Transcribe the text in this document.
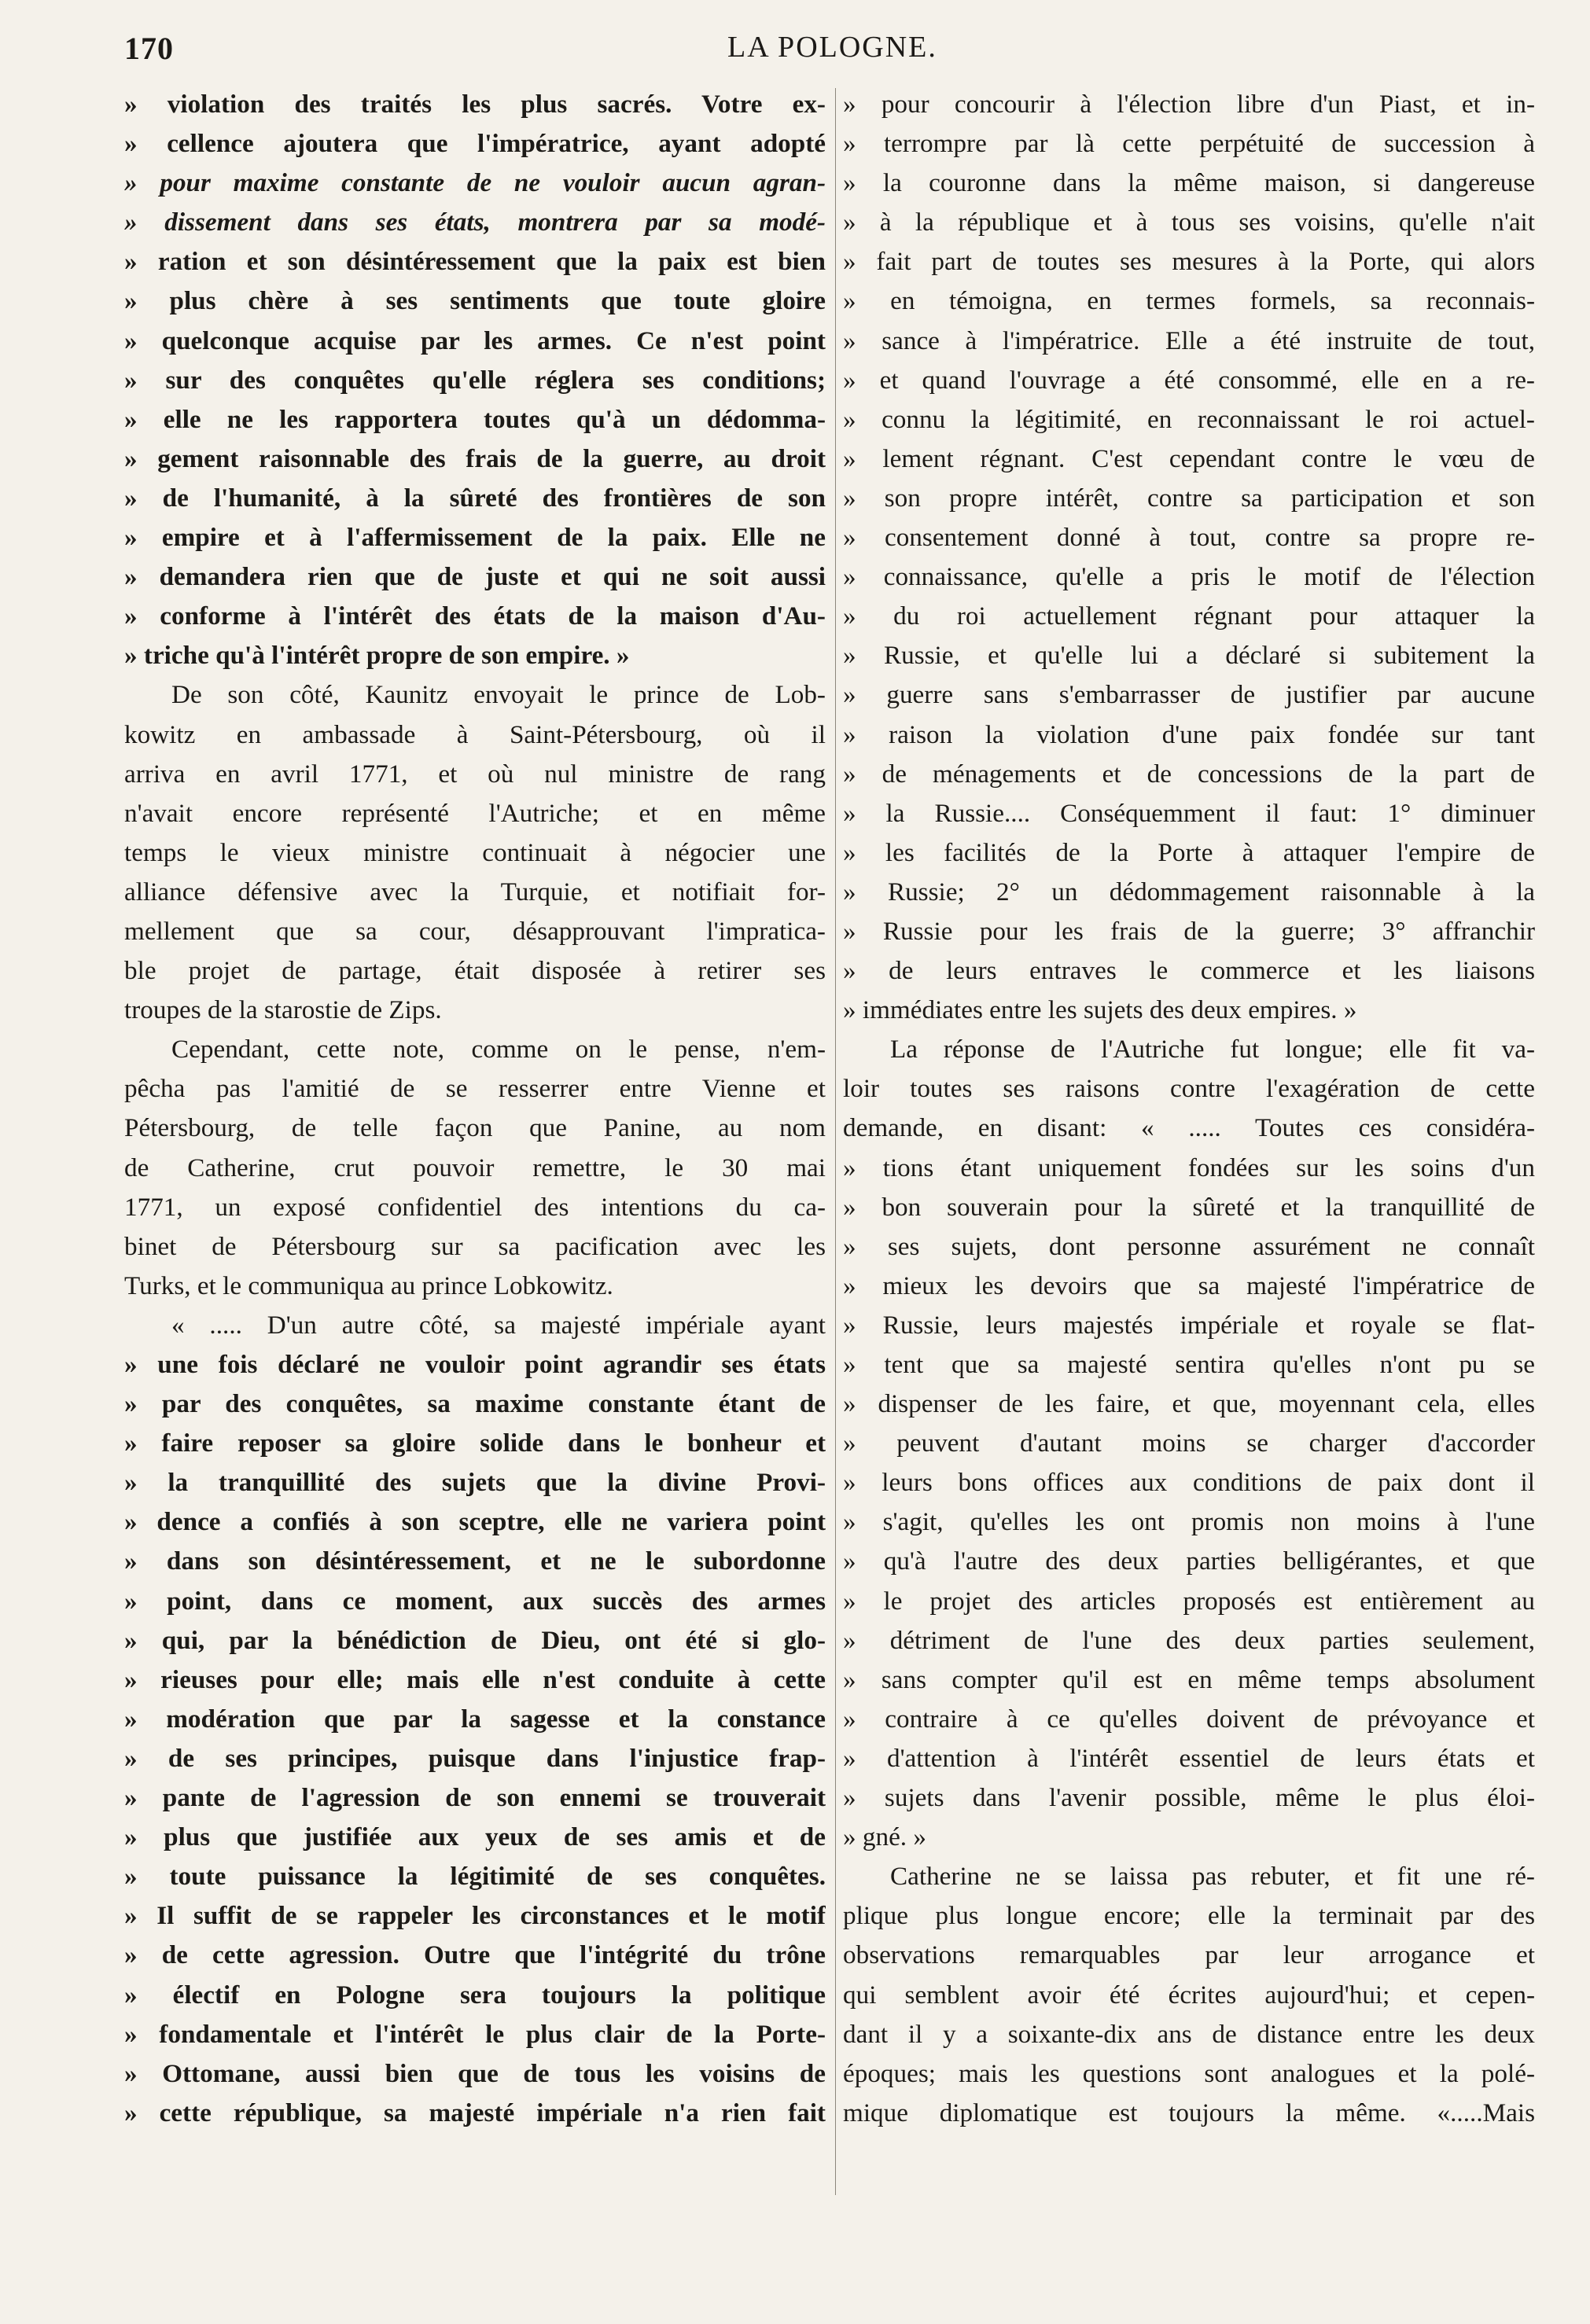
170	LA POLOGNE.
» violation des traités les plus sacrés. Votre ex-
» cellence ajoutera que l'impératrice, ayant adopté
» pour maxime constante de ne vouloir aucun agran-
» dissement dans ses états, montrera par sa modé-
» ration et son désintéressement que la paix est bien
» plus chère à ses sentiments que toute gloire
» quelconque acquise par les armes. Ce n'est point
» sur des conquêtes qu'elle réglera ses conditions;
» elle ne les rapportera toutes qu'à un dédomma-
» gement raisonnable des frais de la guerre, au droit
» de l'humanité, à la sûreté des frontières de son
» empire et à l'affermissement de la paix. Elle ne
» demandera rien que de juste et qui ne soit aussi
» conforme à l'intérêt des états de la maison d'Au-
» triche qu'à l'intérêt propre de son empire. »
De son côté, Kaunitz envoyait le prince de Lob-
kowitz en ambassade à Saint-Pétersbourg, où il
arriva en avril 1771, et où nul ministre de rang
n'avait encore représenté l'Autriche; et en même
temps le vieux ministre continuait à négocier une
alliance défensive avec la Turquie, et notifiait for-
mellement que sa cour, désapprouvant l'impratica-
ble projet de partage, était disposée à retirer ses
troupes de la starostie de Zips.
Cependant, cette note, comme on le pense, n'em-
pêcha pas l'amitié de se resserrer entre Vienne et
Pétersbourg, de telle façon que Panine, au nom
de Catherine, crut pouvoir remettre, le 30 mai
1771, un exposé confidentiel des intentions du ca-
binet de Pétersbourg sur sa pacification avec les
Turks, et le communiqua au prince Lobkowitz.
« ..... D'un autre côté, sa majesté impériale ayant
» une fois déclaré ne vouloir point agrandir ses états
» par des conquêtes, sa maxime constante étant de
» faire reposer sa gloire solide dans le bonheur et
» la tranquillité des sujets que la divine Provi-
» dence a confiés à son sceptre, elle ne variera point
» dans son désintéressement, et ne le subordonne
» point, dans ce moment, aux succès des armes
» qui, par la bénédiction de Dieu, ont été si glo-
» rieuses pour elle; mais elle n'est conduite à cette
» modération que par la sagesse et la constance
» de ses principes, puisque dans l'injustice frap-
» pante de l'agression de son ennemi se trouverait
» plus que justifiée aux yeux de ses amis et de
» toute puissance la légitimité de ses conquêtes.
» Il suffit de se rappeler les circonstances et le motif
» de cette agression. Outre que l'intégrité du trône
» électif en Pologne sera toujours la politique
» fondamentale et l'intérêt le plus clair de la Porte-
» Ottomane, aussi bien que de tous les voisins de
» cette république, sa majesté impériale n'a rien fait
» pour concourir à l'élection libre d'un Piast, et in-
» terrompre par là cette perpétuité de succession à
» la couronne dans la même maison, si dangereuse
» à la république et à tous ses voisins, qu'elle n'ait
» fait part de toutes ses mesures à la Porte, qui alors
» en témoigna, en termes formels, sa reconnais-
» sance à l'impératrice. Elle a été instruite de tout,
» et quand l'ouvrage a été consommé, elle en a re-
» connu la légitimité, en reconnaissant le roi actuel-
» lement régnant. C'est cependant contre le vœu de
» son propre intérêt, contre sa participation et son
» consentement donné à tout, contre sa propre re-
» connaissance, qu'elle a pris le motif de l'élection
» du roi actuellement régnant pour attaquer la
» Russie, et qu'elle lui a déclaré si subitement la
» guerre sans s'embarrasser de justifier par aucune
» raison la violation d'une paix fondée sur tant
» de ménagements et de concessions de la part de
» la Russie.... Conséquemment il faut: 1° diminuer
» les facilités de la Porte à attaquer l'empire de
» Russie; 2° un dédommagement raisonnable à la
» Russie pour les frais de la guerre; 3° affranchir
» de leurs entraves le commerce et les liaisons
» immédiates entre les sujets des deux empires. »
La réponse de l'Autriche fut longue; elle fit va-
loir toutes ses raisons contre l'exagération de cette
demande, en disant: « ..... Toutes ces considéra-
» tions étant uniquement fondées sur les soins d'un
» bon souverain pour la sûreté et la tranquillité de
» ses sujets, dont personne assurément ne connaît
» mieux les devoirs que sa majesté l'impératrice de
» Russie, leurs majestés impériale et royale se flat-
» tent que sa majesté sentira qu'elles n'ont pu se
» dispenser de les faire, et que, moyennant cela, elles
» peuvent d'autant moins se charger d'accorder
» leurs bons offices aux conditions de paix dont il
» s'agit, qu'elles les ont promis non moins à l'une
» qu'à l'autre des deux parties belligérantes, et que
» le projet des articles proposés est entièrement au
» détriment de l'une des deux parties seulement,
» sans compter qu'il est en même temps absolument
» contraire à ce qu'elles doivent de prévoyance et
» d'attention à l'intérêt essentiel de leurs états et
» sujets dans l'avenir possible, même le plus éloi-
» gné. »
Catherine ne se laissa pas rebuter, et fit une ré-
plique plus longue encore; elle la terminait par des
observations remarquables par leur arrogance et
qui semblent avoir été écrites aujourd'hui; et cepen-
dant il y a soixante-dix ans de distance entre les deux
époques; mais les questions sont analogues et la polé-
mique diplomatique est toujours la même. «.....Mais
